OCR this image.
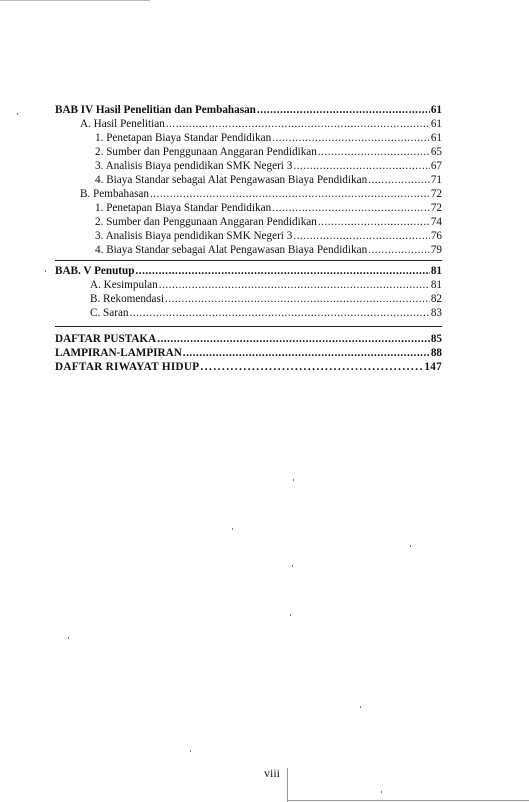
BAB IV Hasil Penelitian dan Pembahasan .....	61
A. Hasil Penelitian .....	61
1. Penetapan Biaya Standar Pendidikan .....	61
2. Sumber dan Penggunaan Anggaran Pendidikan .....	65
3. Analisis Biaya pendidikan SMK Negeri 3 .....	67
4. Biaya Standar sebagai Alat Pengawasan Biaya Pendidikan .....	71
B. Pembahasan .....	72
1. Penetapan Biaya Standar Pendidikan .....	72
2. Sumber dan Penggunaan Anggaran Pendidikan .....	74
3. Analisis Biaya pendidikan SMK Negeri 3 .....	76
4. Biaya Standar sebagai Alat Pengawasan Biaya Pendidikan .....	79
BAB. V Penutup .....	81
A. Kesimpulan .....	81
B. Rekomendasi .....	82
C. Saran .....	83
DAFTAR PUSTAKA .....	85
LAMPIRAN-LAMPIRAN .....	88
DAFTAR RIWAYAT HIDUP .....	147
viii
